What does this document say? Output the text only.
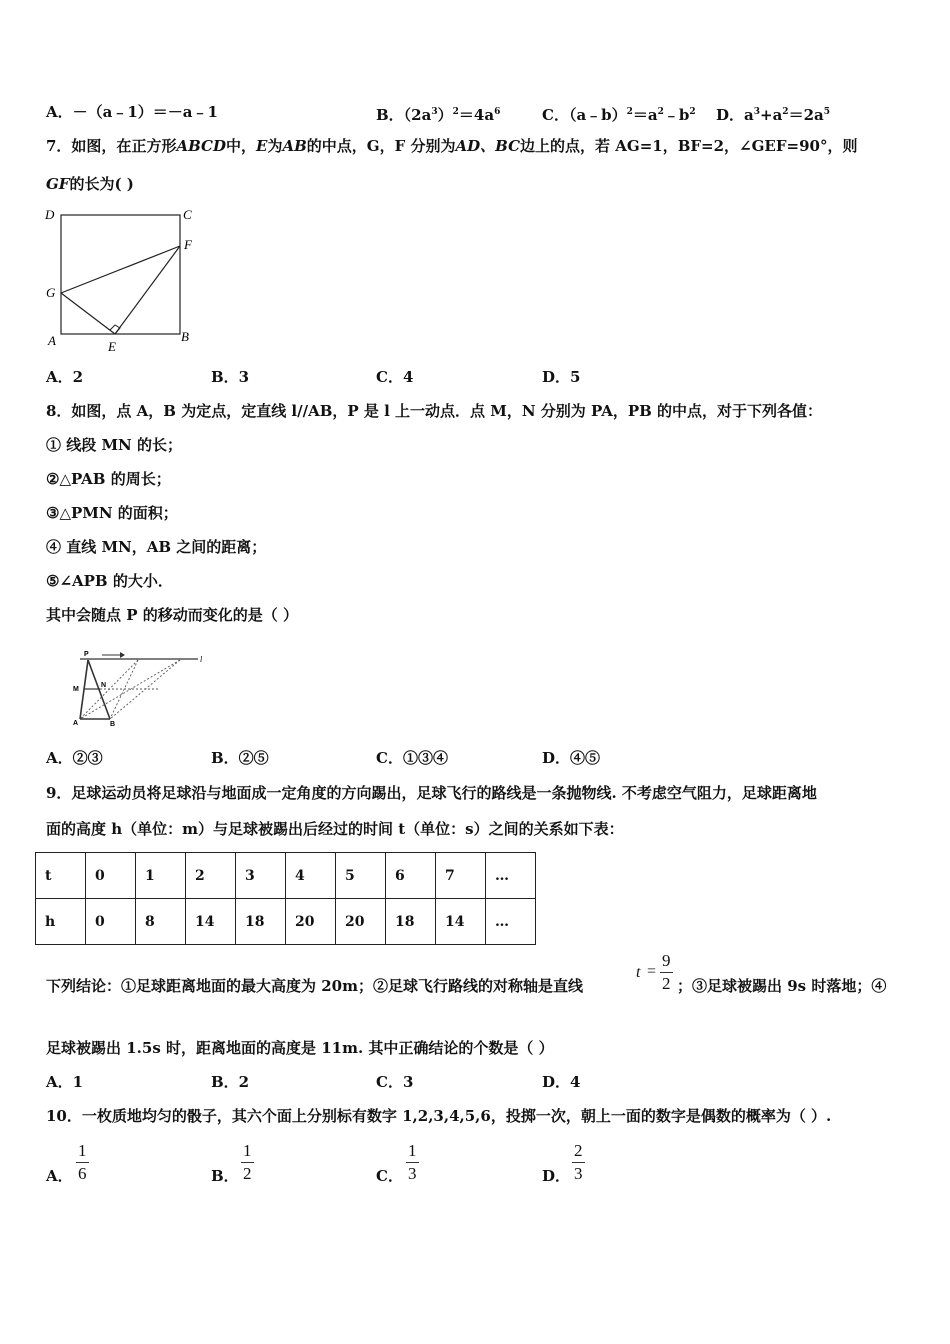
A．－（a﹣1）＝－a﹣1	B．$(2a^3)^2=4a^6$	C．$(a﹣b)^2=a^2﹣b^2$ D．$a^3+a^2=2a^5$
7．如图，在正方形ABCD中，E为AB的中点，G，F 分别为AD、BC边上的点，若 AG=1，BF=2，∠GEF=90°，则
GF的长为( )
D	C
F
G
A	E
B
A．2	B．3	C．4	D．5
8．如图，点 A，B 为定点，定直线 l//AB，P 是 l 上一动点．点 M，N 分别为 PA，PB 的中点，对于下列各值：
① 线段 MN 的长；
②△PAB 的周长；
③△PMN 的面积；
④ 直线 MN，AB 之间的距离；
⑤∠APB 的大小．
其中会随点 P 的移动而变化的是（ ）
P
l
M
N
A	B
A．②③	B．②⑤	C．①③④	D．④⑤
9．足球运动员将足球沿与地面成一定角度的方向踢出，足球飞行的路线是一条抛物线. 不考虑空气阻力，足球距离地
面的高度 h（单位：m）与足球被踢出后经过的时间 t（单位：s）之间的关系如下表：
t	0	1	2	3	4	5	6	7	…
h	0	8	14	18	20	20	18	14	…
下列结论：①足球距离地面的最大高度为 20m；②足球飞行路线的对称轴是直线
t =
9
2 ；③足球被踢出 9s 时落地；④
足球被踢出 1.5s 时，距离地面的高度是 11m. 其中正确结论的个数是（ ）
A．1	B．2	C．3	D．4
10．一枚质地均匀的骰子，其六个面上分别标有数字 1,2,3,4,5,6，投掷一次，朝上一面的数字是偶数的概率为（ ）.
A．
1
6	B．
1
2	C．
1
3	D．
2
3
